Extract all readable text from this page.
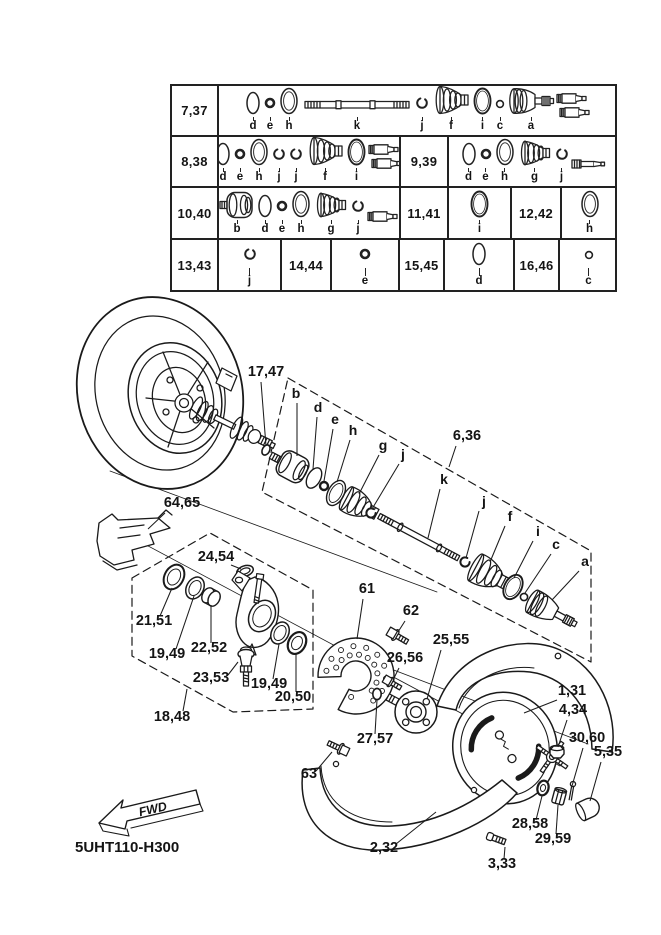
17,47
6,36
64,65
24,54
21,51
19,49 22,52
23,53 19,49
20,50
18,48
61
62
26,56
25,55
27,57
63
1,31
4,34
30,60
5,35
28,58
29,59
3,33
2,32
b
d
e
h
g
j
k
j
f
i
c
a
FWD
5UHT110-H300
7,37
d e h	k	j f i c a
8,38
d e h j j f i
9,39
d e h g j
10,40
b d e h g j
11,41
i
12,42
h
13,43
j
14,44
e
15,45
d
16,46
c
